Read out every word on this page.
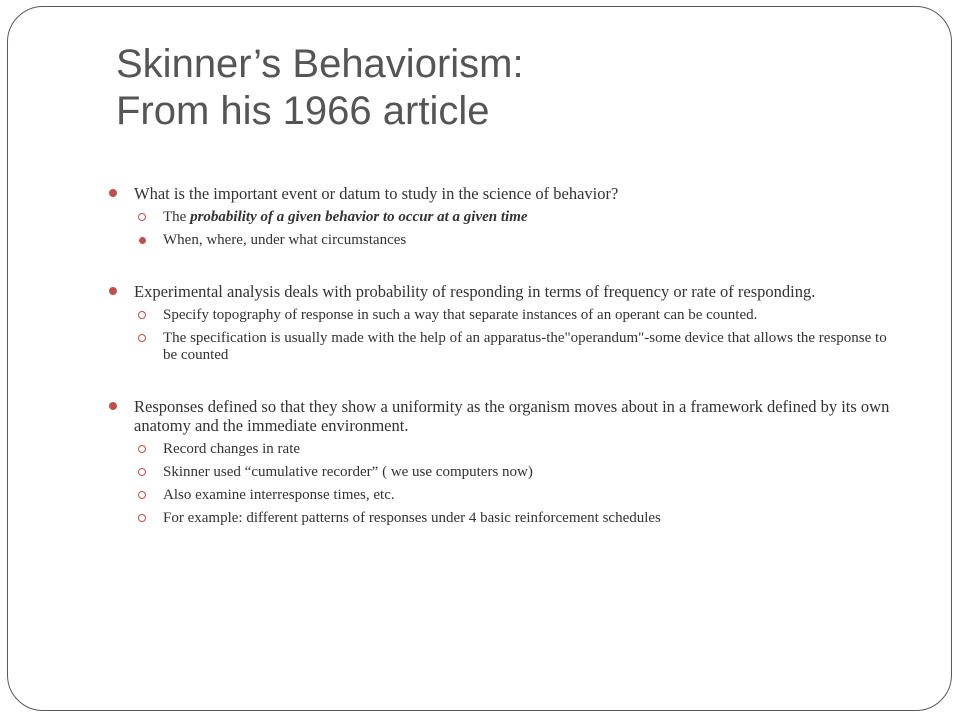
Skinner’s Behaviorism:
From his 1966 article
What is the important event or datum to study in the science of behavior?
The probability of a given behavior to occur at a given time
When, where, under what circumstances
Experimental analysis deals with probability of responding in terms of frequency or rate of responding.
Specify topography of response in such a way that separate instances of an operant can be counted.
The specification is usually made with the help of an apparatus-the"operandum"-some device that allows the response to be counted
Responses defined so that they show a uniformity as the organism moves about in a framework defined by its own anatomy and the immediate environment.
Record changes in rate
Skinner used “cumulative recorder” ( we use computers now)
Also examine interresponse times, etc.
For example: different patterns of responses under 4 basic reinforcement schedules
